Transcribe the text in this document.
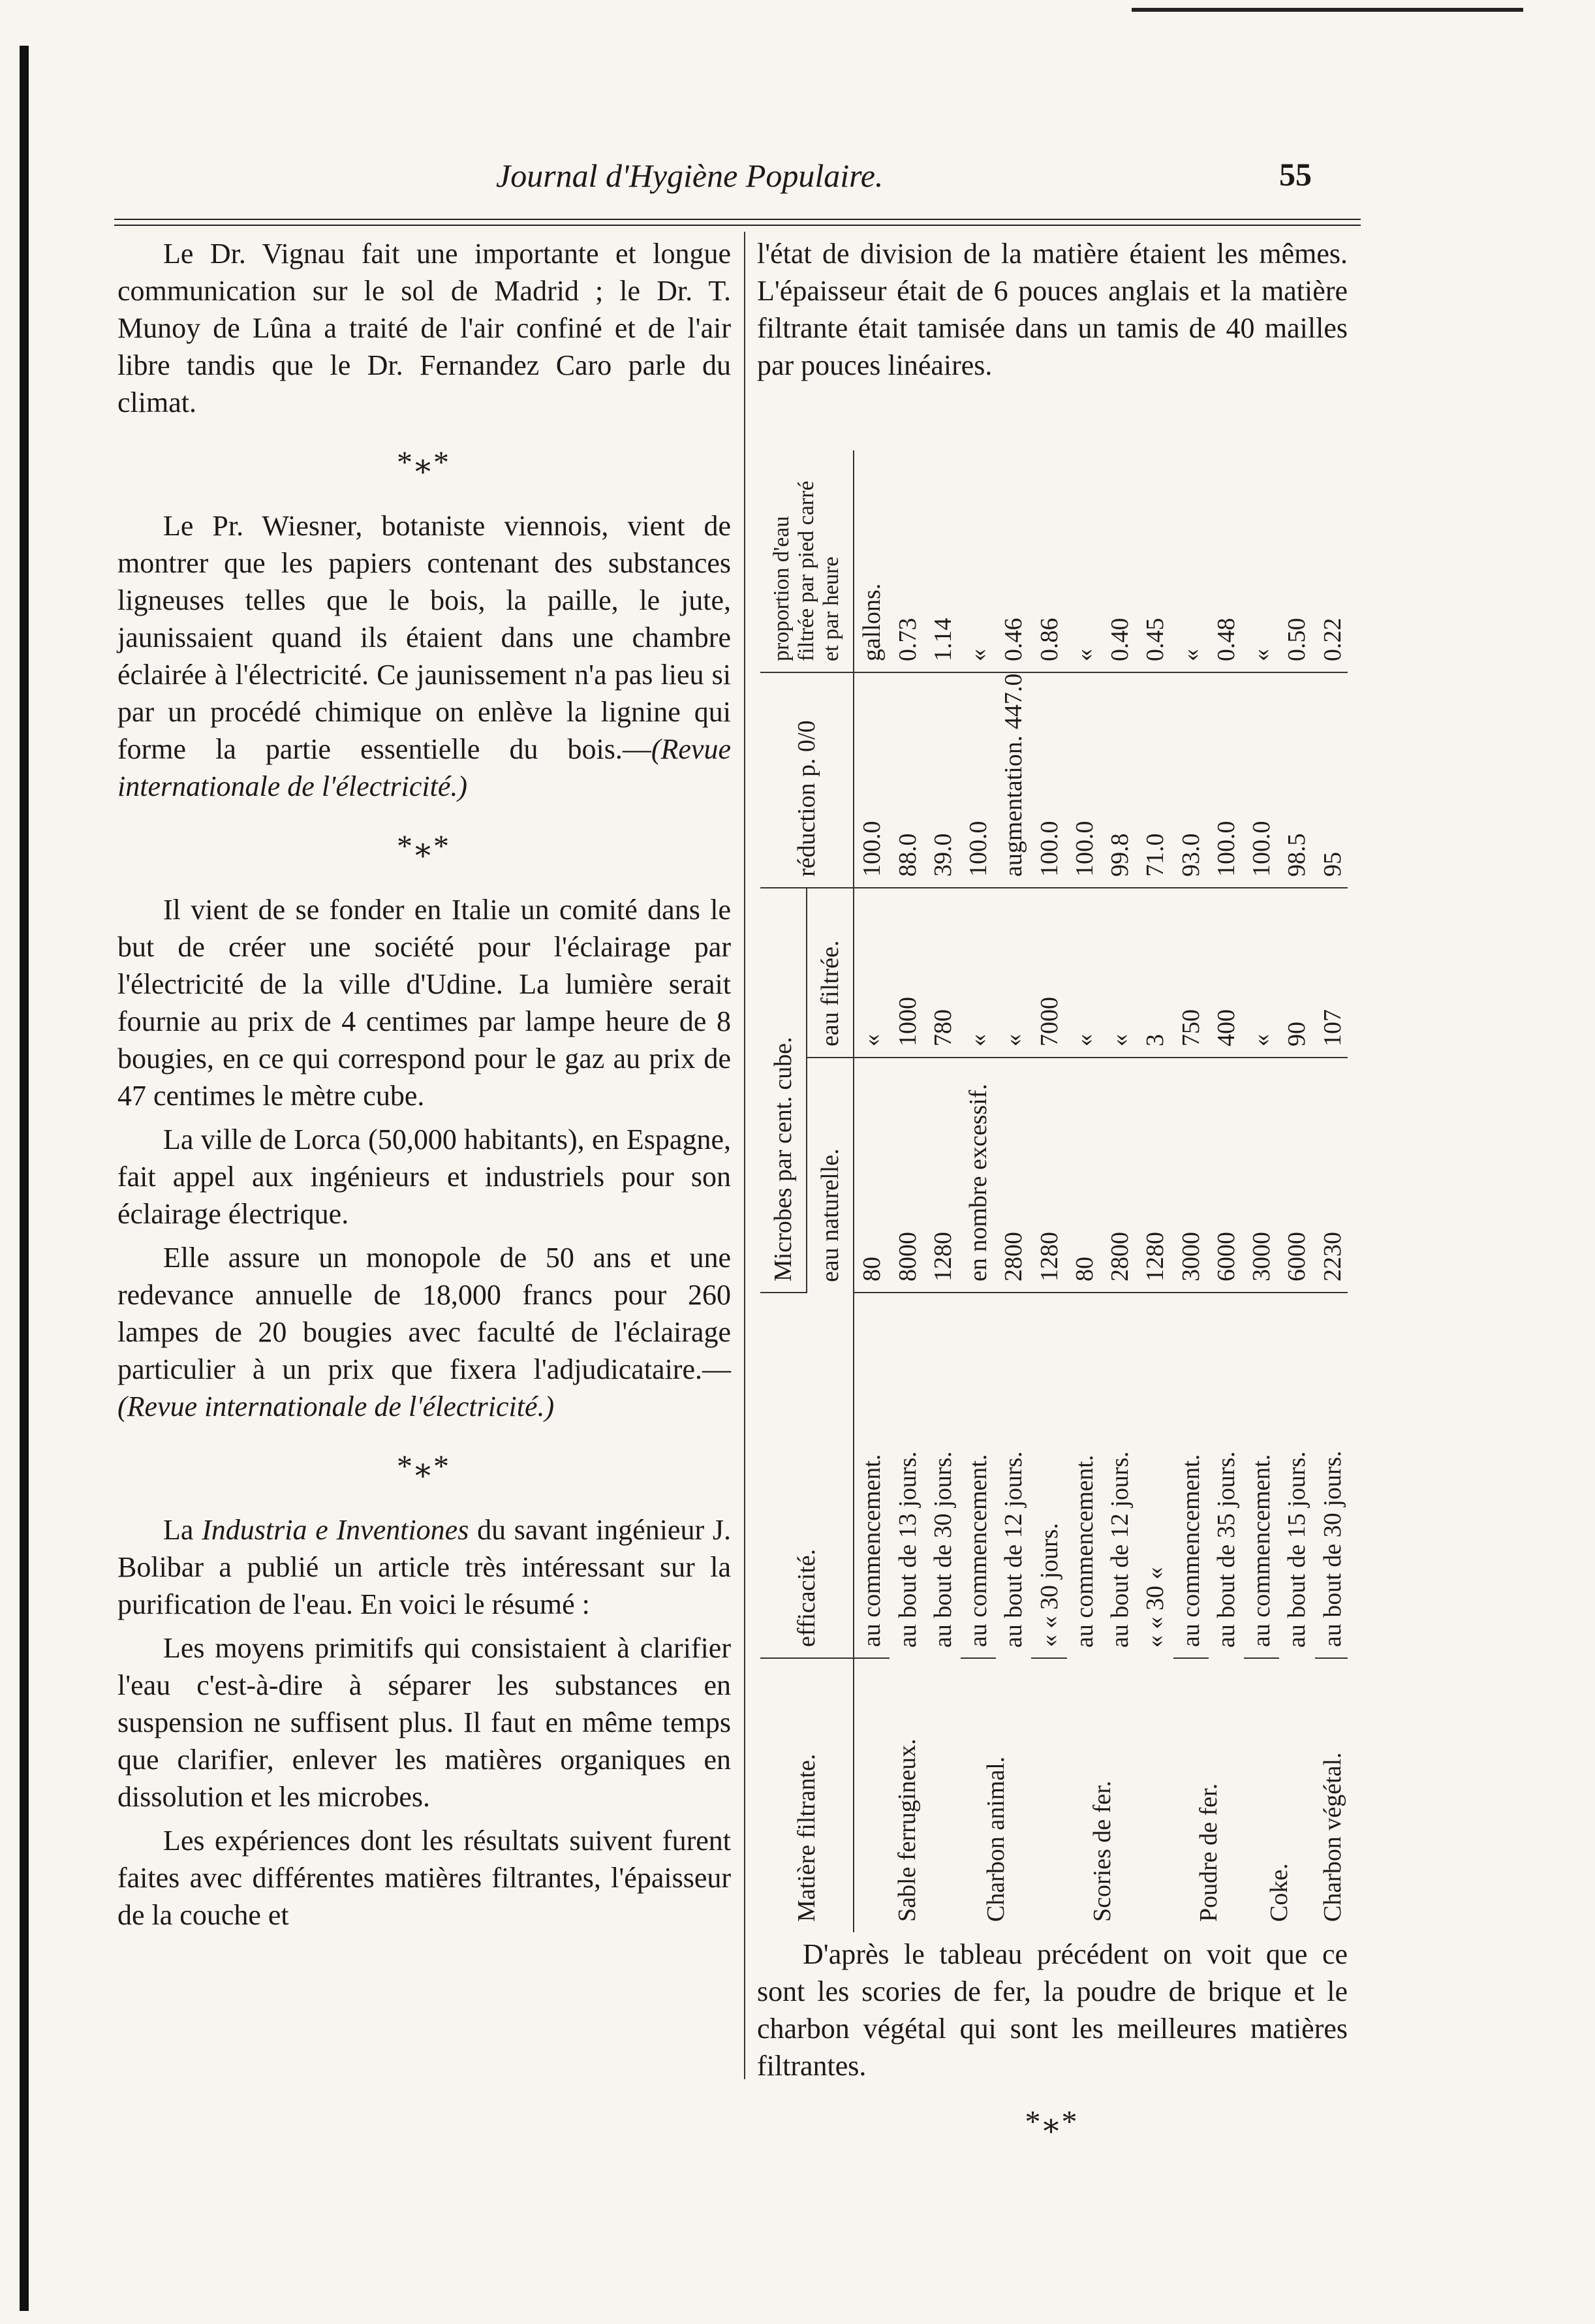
Journal d'Hygiène Populaire.	55

Le Dr. Vignau fait une importante et longue communication sur le sol de Madrid ; le Dr. T. Munoy de Lûna a traité de l'air confiné et de l'air libre tandis que le Dr. Fernandez Caro parle du climat.

*⁎*

Le Pr. Wiesner, botaniste viennois, vient de montrer que les papiers contenant des substances ligneuses telles que le bois, la paille, le jute, jaunissaient quand ils étaient dans une chambre éclairée à l'électricité. Ce jaunissement n'a pas lieu si par un procédé chimique on enlève la lignine qui forme la partie essentielle du bois.—(Revue internationale de l'électricité.)

*⁎*

Il vient de se fonder en Italie un comité dans le but de créer une société pour l'éclairage par l'électricité de la ville d'Udine. La lumière serait fournie au prix de 4 centimes par lampe heure de 8 bougies, en ce qui correspond pour le gaz au prix de 47 centimes le mètre cube.

La ville de Lorca (50,000 habitants), en Espagne, fait appel aux ingénieurs et industriels pour son éclairage électrique.

Elle assure un monopole de 50 ans et une redevance annuelle de 18,000 francs pour 260 lampes de 20 bougies avec faculté de l'éclairage particulier à un prix que fixera l'adjudicataire.—(Revue internationale de l'électricité.)

*⁎*

La Industria e Inventiones du savant ingénieur J. Bolibar a publié un article très intéressant sur la purification de l'eau. En voici le résumé :

Les moyens primitifs qui consistaient à clarifier l'eau c'est-à-dire à séparer les substances en suspension ne suffisent plus. Il faut en même temps que clarifier, enlever les matières organiques en dissolution et les microbes.

Les expériences dont les résultats suivent furent faites avec différentes matières filtrantes, l'épaisseur de la couche et

l'état de division de la matière étaient les mêmes. L'épaisseur était de 6 pouces anglais et la matière filtrante était tamisée dans un tamis de 40 mailles par pouces linéaires.

Matière filtrante.	efficacité.	Microbes par cent. cube.		réduction p. 0/0	proportion d'eau filtrée par pied carré et par heure
		eau naturelle.	eau filtrée.		
Sable ferrugineux.	au commencement.	80	«	100.0	gallons.
	au bout de 13 jours.	8000	1000	88.0	0.73
	au bout de 30 jours.	1280	780	39.0	1.14
Charbon animal.	au commencement.	en nombre excessif.	«	100.0	«
	au bout de 12 jours.	2800	«	augmentation. 447.0	0.46
Scories de fer.	« « 30 jours.	1280	7000	100.0	0.86
	au commencement.	80	«	100.0	«
	au bout de 12 jours.	2800	«	99.8	0.40
	« « 30 «	1280	3	71.0	0.45
Poudre de fer.	au commencement.	3000	750	93.0	«
	au bout de 35 jours.	6000	400	100.0	0.48
Coke.	au commencement.	3000	«	100.0	«
	au bout de 15 jours.	6000	90	98.5	0.50
Charbon végétal.	au bout de 30 jours.	2230	107	95	0.22

D'après le tableau précédent on voit que ce sont les scories de fer, la poudre de brique et le charbon végétal qui sont les meilleures matières filtrantes.

*⁎*
